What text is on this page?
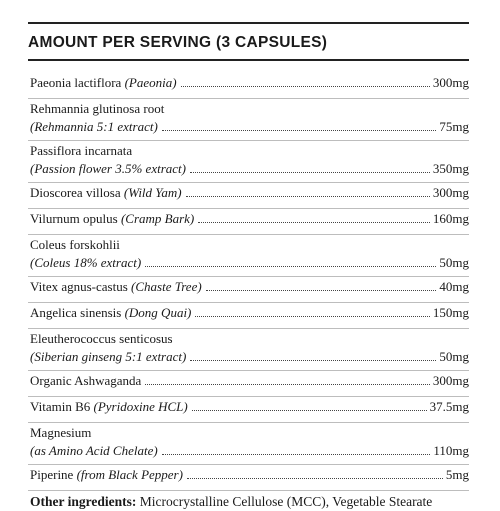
AMOUNT PER SERVING (3 CAPSULES)
Paeonia lactiflora (Paeonia)	300mg
Rehmannia glutinosa root
(Rehmannia 5:1 extract)	75mg
Passiflora incarnata
(Passion flower 3.5% extract)	350mg
Dioscorea villosa (Wild Yam)	300mg
Vilurnum opulus (Cramp Bark)	160mg
Coleus forskohlii
(Coleus 18% extract)	50mg
Vitex agnus-castus (Chaste Tree)	40mg
Angelica sinensis (Dong Quai)	150mg
Eleutherococcus senticosus
(Siberian ginseng 5:1 extract)	50mg
Organic Ashwaganda	300mg
Vitamin B6 (Pyridoxine HCL)	37.5mg
Magnesium
(as Amino Acid Chelate)	110mg
Piperine (from Black Pepper)	5mg
Other ingredients: Microcrystalline Cellulose (MCC), Vegetable Stearate
